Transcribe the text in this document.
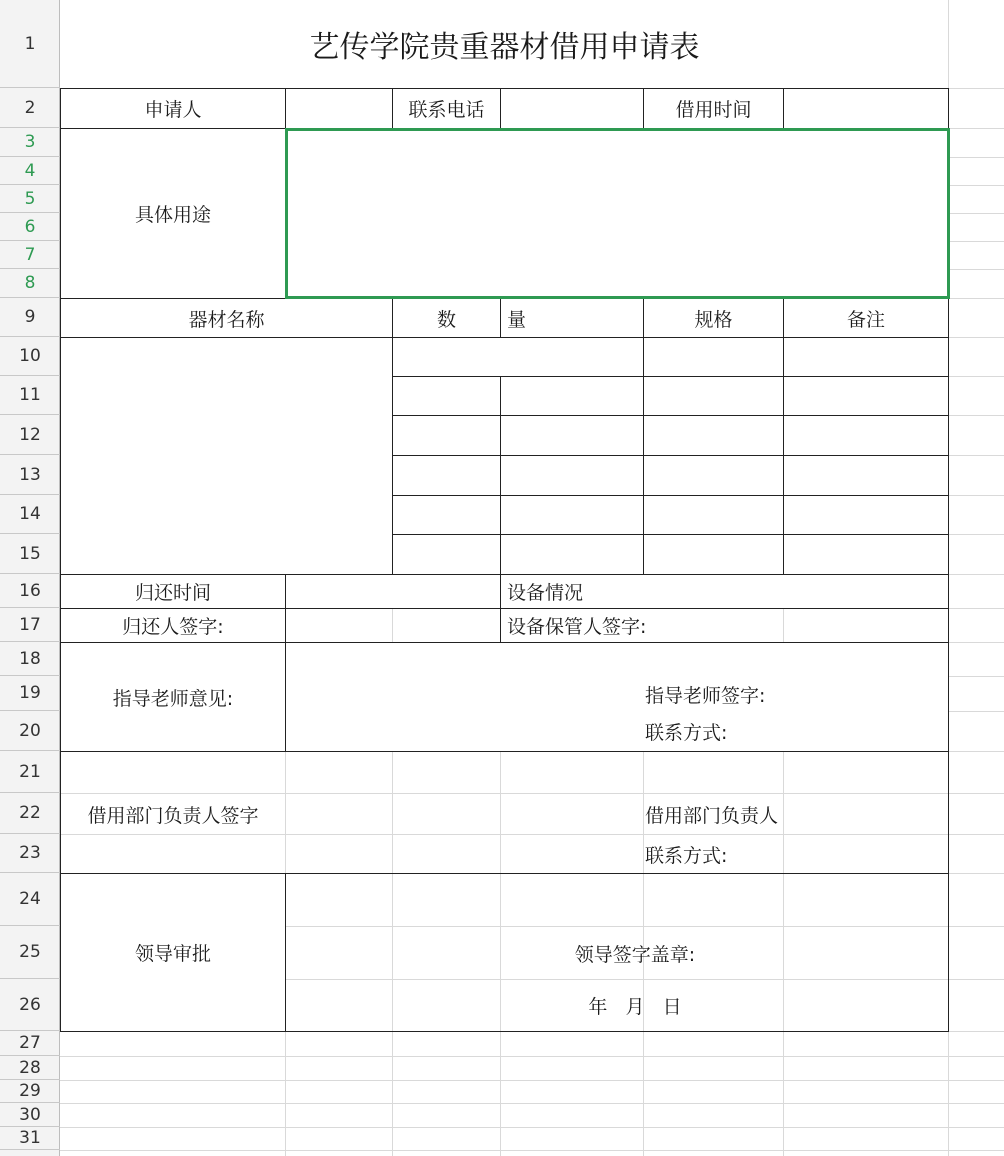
1
2
3
4
5
6
7
8
9
10
11
12
13
14
15
16
17
18
19
20
21
22
23
24
25
26
27
28
29
30
31
艺传学院贵重器材借用申请表
申请人	联系电话	借用时间
具体用途
器材名称	数	量	规格	备注
归还时间	设备情况
归还人签字:	设备保管人签字:
指导老师意见:	指导老师签字:
联系方式:
借用部门负责人签字	借用部门负责人
联系方式:
领导审批	领导签字盖章:
年   月   日
